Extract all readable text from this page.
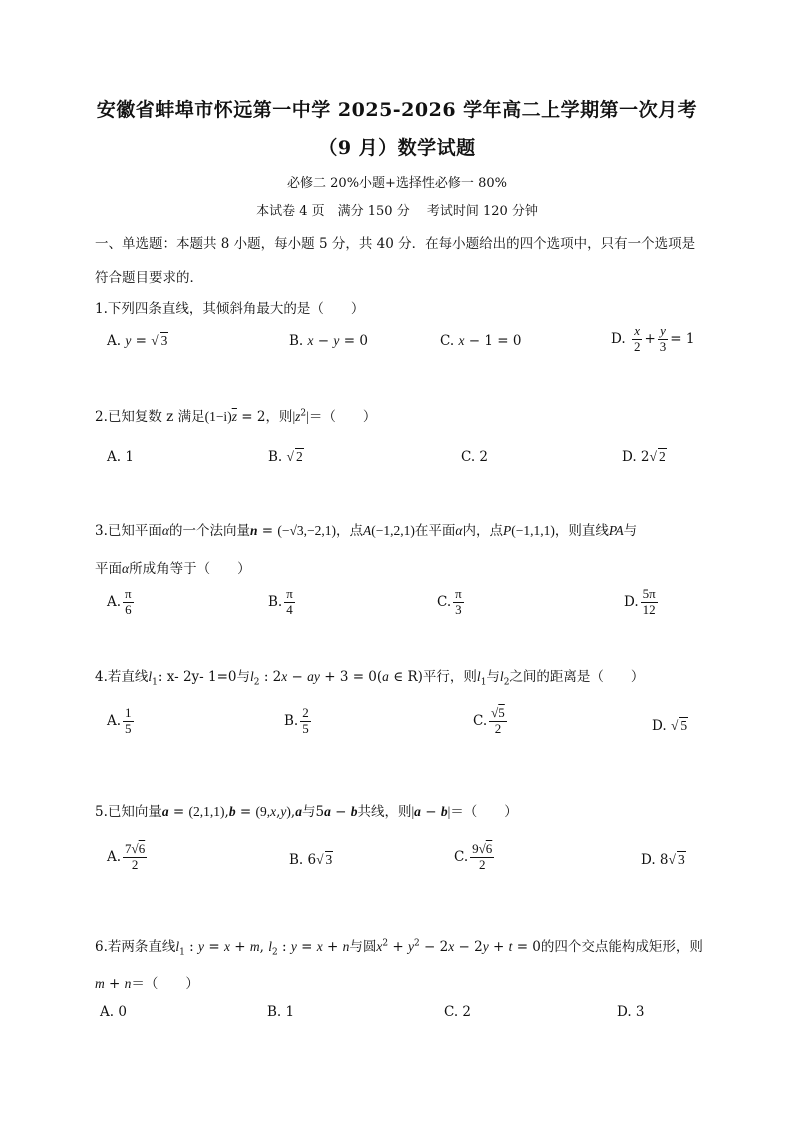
安徽省蚌埠市怀远第一中学 2025-2026 学年高二上学期第一次月考
（9 月）数学试题
必修二 20%小题+选择性必修一 80%
本试卷 4 页　满分 150 分　 考试时间 120 分钟
一、单选题：本题共 8 小题，每小题 5 分，共 40 分．在每小题给出的四个选项中，只有一个选项是
符合题目要求的．
1.下列四条直线，其倾斜角最大的是（　　）
A. y = √ 3	B. x − y = 0	C. x − 1 = 0	D. $\frac{x}{2} + \frac{y}{3} = 1$
2.已知复数 z 满足$(1-i)\overline{z} = 2$，则$|z^2|=$（　　）
A. 1	B. √ 2	C. 2	D. 2√ 2
3.已知平面α的一个法向量n = (−√3,−2,1)，点A(−1,2,1)在平面α内，点P(−1,1,1)，则直线PA与
平面α所成角等于（　　）
A. $\frac{\pi}{6}$	B. $\frac{\pi}{4}$	C. $\frac{\pi}{3}$	D. $\frac{5\pi}{12}$
4.若直线$l_1$: x- 2y- 1=0与$l_2$ : 2x − ay + 3 = 0(a ∈ R)平行，则$l_1$与$l_2$之间的距离是（　　）
A. $\frac{1}{5}$	B. $\frac{2}{5}$	C. $\frac{√5}{2}$	D. √ 5
5.已知向量a = (2,1,1),b = (9,x,y),a与5a − b共线，则|a − b|＝（　　）
A. $\frac{7√6}{2}$	B. 6√ 3	C. $\frac{9√6}{2}$	D. 8√ 3
6.若两条直线$l_1$ : y = x + m, $l_2$ : y = x + n与圆$x^2 + y^2 - 2x - 2y + t = 0$的四个交点能构成矩形，则
m + n＝（　　）
A. 0	B. 1	C. 2	D. 3
